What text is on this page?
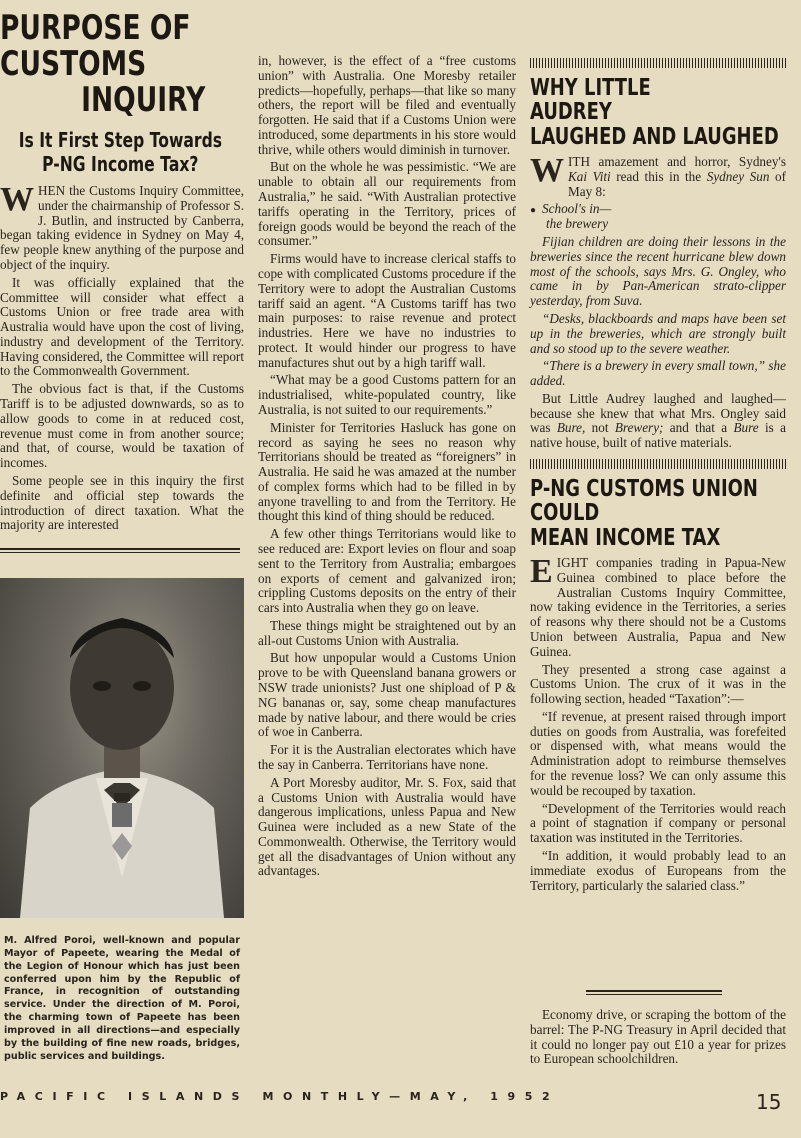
PURPOSE OF CUSTOMS
INQUIRY
Is It First Step Towards
P-NG Income Tax?

WHEN the Customs Inquiry Committee, under the chairmanship of Professor S. J. Butlin, and instructed by Canberra, began taking evidence in Sydney on May 4, few people knew anything of the purpose and object of the inquiry.

It was officially explained that the Committee will consider what effect a Customs Union or free trade area with Australia would have upon the cost of living, industry and development of the Territory. Having considered, the Committee will report to the Commonwealth Government.

The obvious fact is that, if the Customs Tariff is to be adjusted downwards, so as to allow goods to come in at reduced cost, revenue must come in from another source; and that, of course, would be taxation of incomes.

Some people see in this inquiry the first definite and official step towards the introduction of direct taxation. What the majority are interested

M. Alfred Poroi, well-known and popular Mayor of Papeete, wearing the Medal of the Legion of Honour which has just been conferred upon him by the Republic of France, in recognition of outstanding service. Under the direction of M. Poroi, the charming town of Papeete has been improved in all directions—and especially by the building of fine new roads, bridges, public services and buildings.

in, however, is the effect of a “free customs union” with Australia. One Moresby retailer predicts—hopefully, perhaps—that like so many others, the report will be filed and eventually forgotten. He said that if a Customs Union were introduced, some departments in his store would thrive, while others would diminish in turnover.

But on the whole he was pessimistic. “We are unable to obtain all our requirements from Australia,” he said. “With Australian protective tariffs operating in the Territory, prices of foreign goods would be beyond the reach of the consumer.”

Firms would have to increase clerical staffs to cope with complicated Customs procedure if the Territory were to adopt the Australian Customs tariff said an agent. “A Customs tariff has two main purposes: to raise revenue and protect industries. Here we have no industries to protect. It would hinder our progress to have manufactures shut out by a high tariff wall.

“What may be a good Customs pattern for an industrialised, white-populated country, like Australia, is not suited to our requirements.”

Minister for Territories Hasluck has gone on record as saying he sees no reason why Territorians should be treated as “foreigners” in Australia. He said he was amazed at the number of complex forms which had to be filled in by anyone travelling to and from the Territory. He thought this kind of thing should be reduced.

A few other things Territorians would like to see reduced are: Export levies on flour and soap sent to the Territory from Australia; embargoes on exports of cement and galvanized iron; crippling Customs deposits on the entry of their cars into Australia when they go on leave.

These things might be straightened out by an all-out Customs Union with Australia.

But how unpopular would a Customs Union prove to be with Queensland banana growers or NSW trade unionists? Just one shipload of P & NG bananas or, say, some cheap manufactures made by native labour, and there would be cries of woe in Canberra.

For it is the Australian electorates which have the say in Canberra. Territorians have none.

A Port Moresby auditor, Mr. S. Fox, said that a Customs Union with Australia would have dangerous implications, unless Papua and New Guinea were included as a new State of the Commonwealth. Otherwise, the Territory would get all the disadvantages of Union without any advantages.

WHY LITTLE
AUDREY
LAUGHED AND LAUGHED

WITH amazement and horror, Sydney's Kai Viti read this in the Sydney Sun of May 8:

● School's in—
the brewery

Fijian children are doing their lessons in the breweries since the recent hurricane blew down most of the schools, says Mrs. G. Ongley, who came in by Pan-American strato-clipper yesterday, from Suva.

“Desks, blackboards and maps have been set up in the breweries, which are strongly built and so stood up to the severe weather.

“There is a brewery in every small town,” she added.

But Little Audrey laughed and laughed—because she knew that what Mrs. Ongley said was Bure, not Brewery; and that a Bure is a native house, built of native materials.

P-NG CUSTOMS UNION
COULD
MEAN INCOME TAX

EIGHT companies trading in Papua-New Guinea combined to place before the Australian Customs Inquiry Committee, now taking evidence in the Territories, a series of reasons why there should not be a Customs Union between Australia, Papua and New Guinea.

They presented a strong case against a Customs Union. The crux of it was in the following section, headed “Taxation”:—

“If revenue, at present raised through import duties on goods from Australia, was forefeited or dispensed with, what means would the Administration adopt to reimburse themselves for the revenue loss? We can only assume this would be recouped by taxation.

“Development of the Territories would reach a point of stagnation if company or personal taxation was instituted in the Territories.

“In addition, it would probably lead to an immediate exodus of Europeans from the Territory, particularly the salaried class.”

Economy drive, or scraping the bottom of the barrel: The P-NG Treasury in April decided that it could no longer pay out £10 a year for prizes to European schoolchildren.

PACIFIC ISLANDS MONTHLY—MAY, 1952	15
